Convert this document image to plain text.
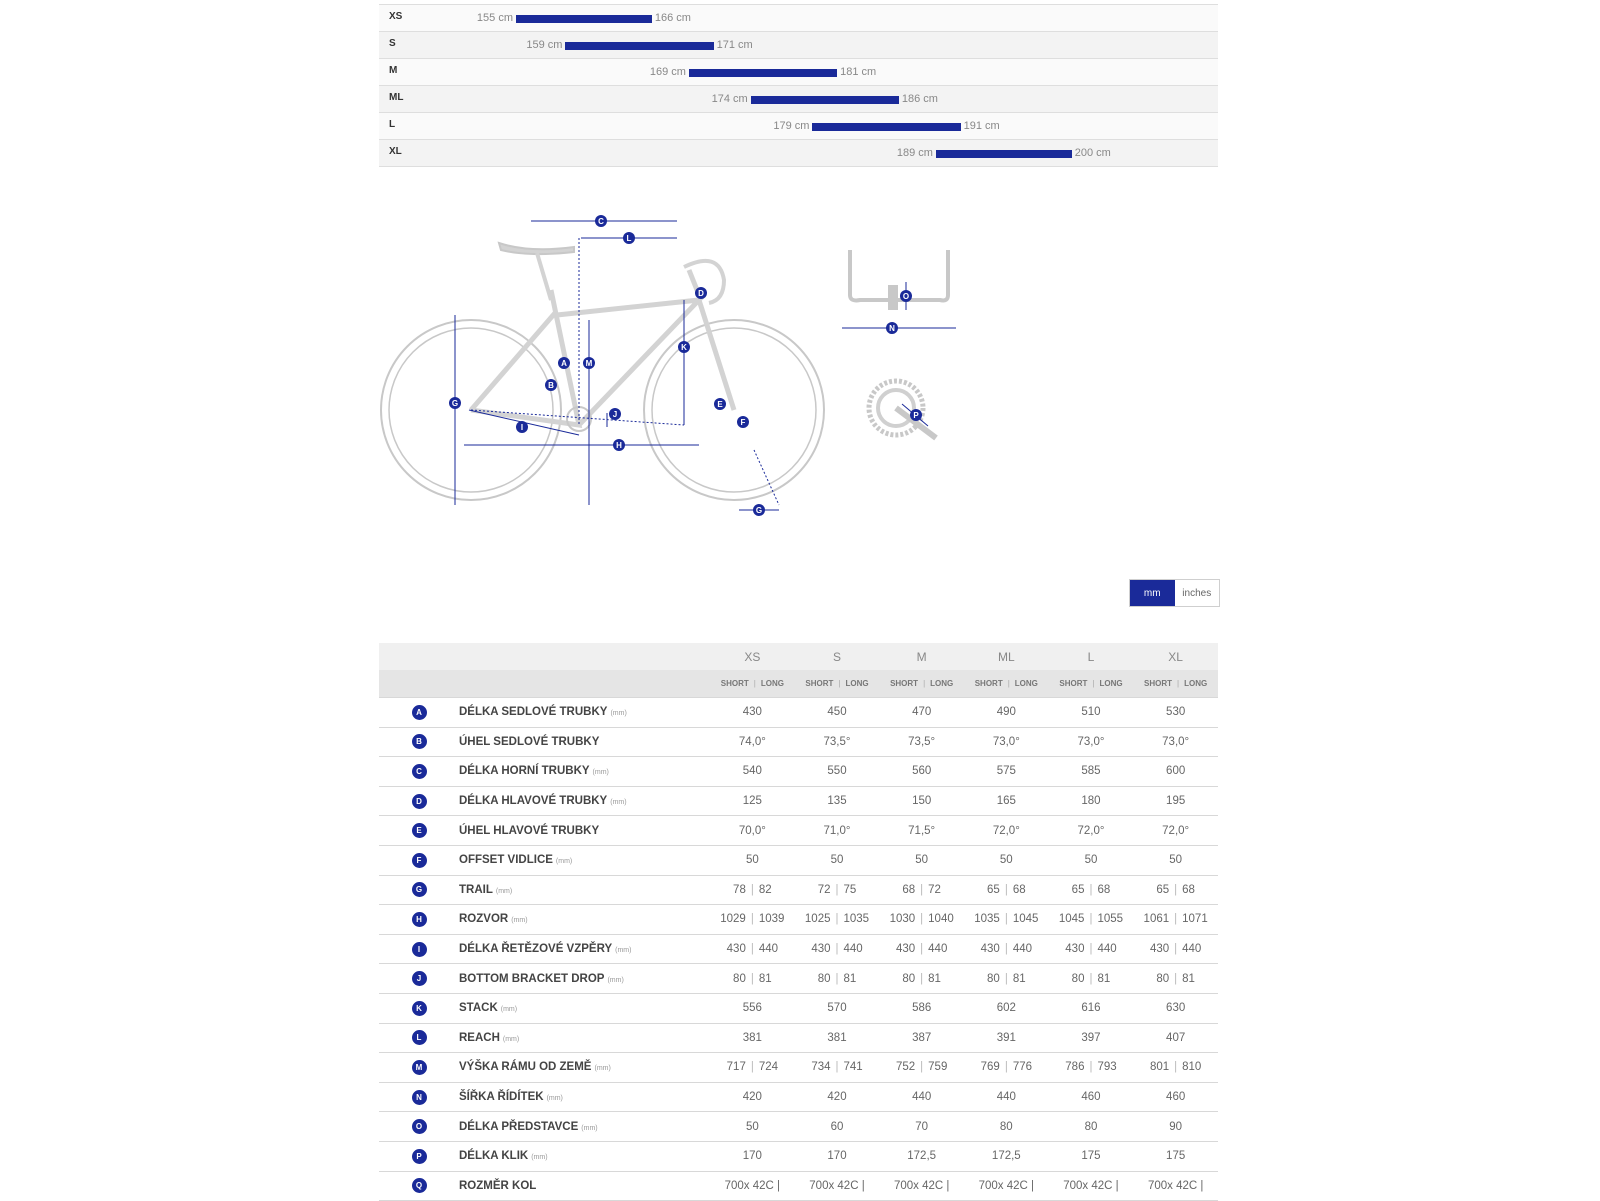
XS	155 cm	166 cm
S	159 cm	171 cm
M	169 cm	181 cm
ML	174 cm	186 cm
L	179 cm	191 cm
XL	189 cm	200 cm
C
L
D
K
A M
B
G	E
J
F
I
H
G
O
N
P
mm	inches
		XS	S	M	ML	L	XL
		SHORT | LONG	SHORT | LONG	SHORT | LONG	SHORT | LONG	SHORT | LONG	SHORT | LONG
A	DÉLKA SEDLOVÉ TRUBKY (mm)	430	450	470	490	510	530
B	ÚHEL SEDLOVÉ TRUBKY	74,0°	73,5°	73,5°	73,0°	73,0°	73,0°
C	DÉLKA HORNÍ TRUBKY (mm)	540	550	560	575	585	600
D	DÉLKA HLAVOVÉ TRUBKY (mm)	125	135	150	165	180	195
E	ÚHEL HLAVOVÉ TRUBKY	70,0°	71,0°	71,5°	72,0°	72,0°	72,0°
F	OFFSET VIDLICE (mm)	50	50	50	50	50	50
G	TRAIL (mm)	78 | 82	72 | 75	68 | 72	65 | 68	65 | 68	65 | 68
H	ROZVOR (mm)	1029 | 1039	1025 | 1035	1030 | 1040	1035 | 1045	1045 | 1055	1061 | 1071
I	DÉLKA ŘETĚZOVÉ VZPĚRY (mm)	430 | 440	430 | 440	430 | 440	430 | 440	430 | 440	430 | 440
J	BOTTOM BRACKET DROP (mm)	80 | 81	80 | 81	80 | 81	80 | 81	80 | 81	80 | 81
K	STACK (mm)	556	570	586	602	616	630
L	REACH (mm)	381	381	387	391	397	407
M	VÝŠKA RÁMU OD ZEMĚ (mm)	717 | 724	734 | 741	752 | 759	769 | 776	786 | 793	801 | 810
N	ŠÍŘKA ŘÍDÍTEK (mm)	420	420	440	440	460	460
O	DÉLKA PŘEDSTAVCE (mm)	50	60	70	80	80	90
P	DÉLKA KLIK (mm)	170	170	172,5	172,5	175	175
Q	ROZMĚR KOL	700x 42C |	700x 42C |	700x 42C |	700x 42C |	700x 42C |	700x 42C |
